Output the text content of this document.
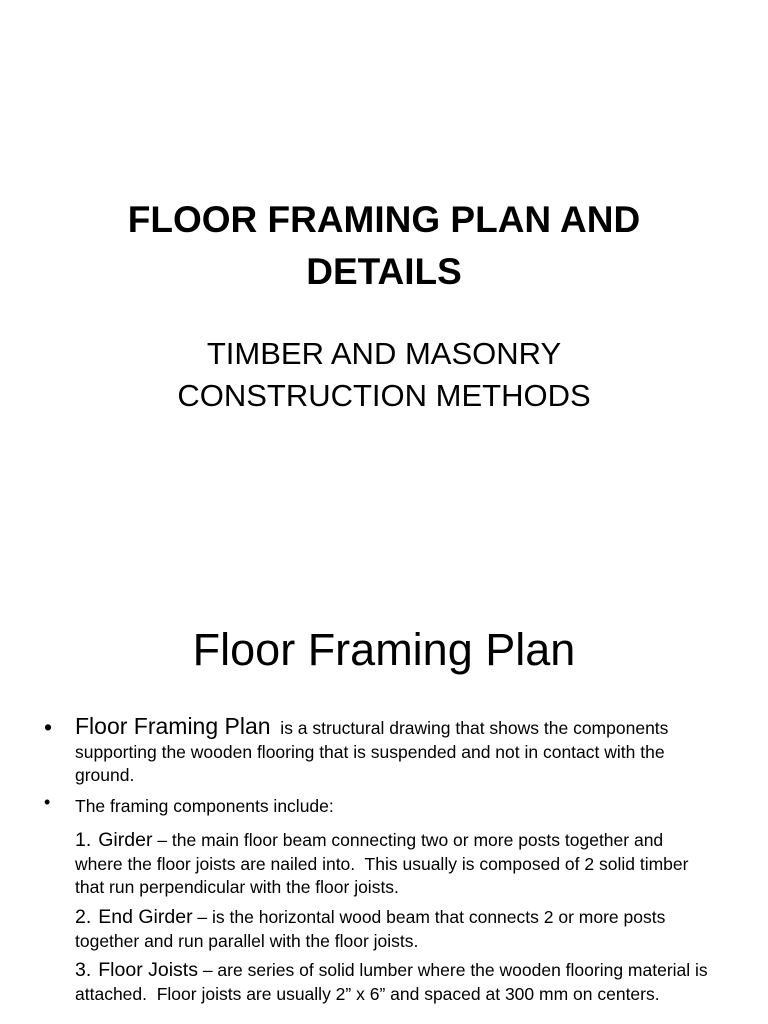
FLOOR FRAMING PLAN AND
DETAILS
TIMBER AND MASONRY
CONSTRUCTION METHODS
Floor Framing Plan
• Floor Framing Plan  is a structural drawing that shows the components supporting the wooden flooring that is suspended and not in contact with the ground.
• The framing components include:
1. Girder – the main floor beam connecting two or more posts together and where the floor joists are nailed into.  This usually is composed of 2 solid timber that run perpendicular with the floor joists.
2. End Girder – is the horizontal wood beam that connects 2 or more posts together and run parallel with the floor joists.
3. Floor Joists – are series of solid lumber where the wooden flooring material is attached.  Floor joists are usually 2” x 6” and spaced at 300 mm on centers.
